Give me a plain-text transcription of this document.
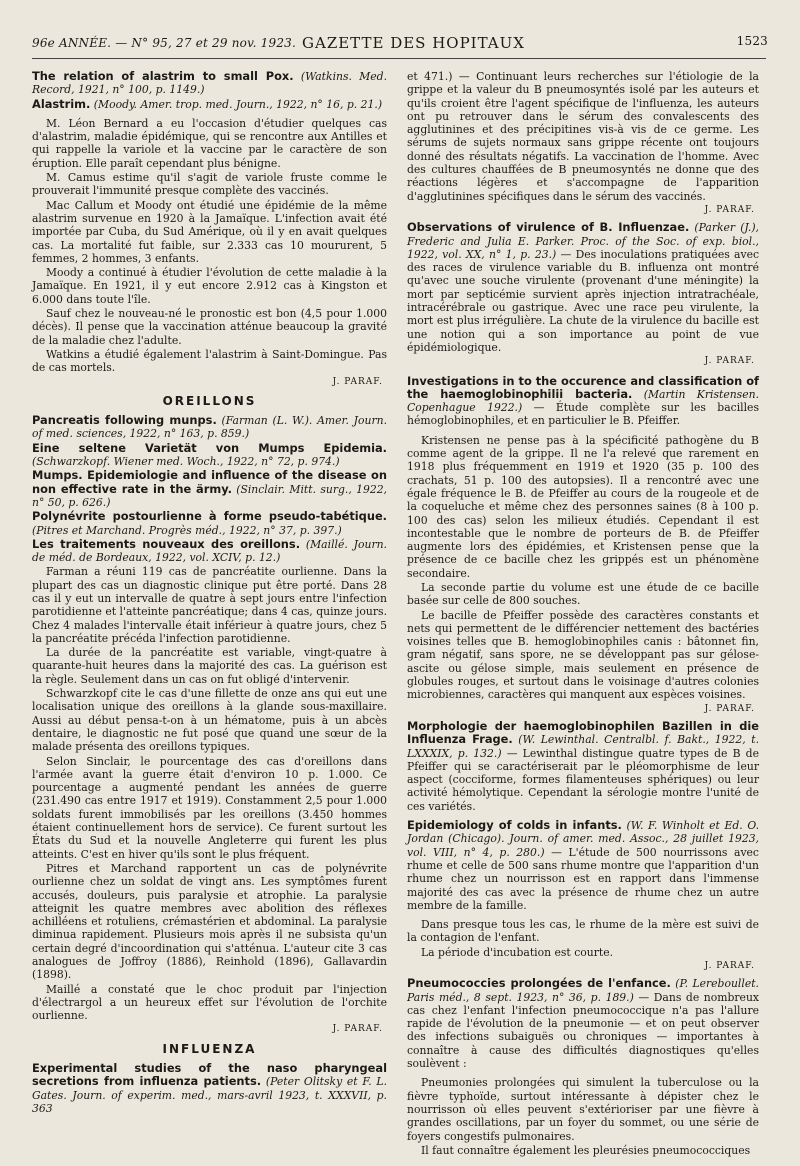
96e ANNÉE. — N° 95, 27 et 29 nov. 1923. GAZETTE DES HOPITAUX	1523

The relation of alastrim to small Pox. (Watkins. Med. Record, 1921, n° 100, p. 1149.)

Alastrim. (Moody. Amer. trop. med. Journ., 1922, n° 16, p. 21.)

M. Léon Bernard a eu l'occasion d'étudier quelques cas d'alastrim, maladie épidémique, qui se rencontre aux Antilles et qui rappelle la variole et la vaccine par le caractère de son éruption. Elle paraît cependant plus bénigne.

M. Camus estime qu'il s'agit de variole fruste comme le prouverait l'immunité presque complète des vaccinés.

Mac Callum et Moody ont étudié une épidémie de la même alastrim survenue en 1920 à la Jamaïque. L'infection avait été importée par Cuba, du Sud Amérique, où il y en avait quelques cas. La mortalité fut faible, sur 2.333 cas 10 moururent, 5 femmes, 2 hommes, 3 enfants.

Moody a continué à étudier l'évolution de cette maladie à la Jamaïque. En 1921, il y eut encore 2.912 cas à Kingston et 6.000 dans toute l'île.

Sauf chez le nouveau-né le pronostic est bon (4,5 pour 1.000 décès). Il pense que la vaccination atténue beaucoup la gravité de la maladie chez l'adulte.

Watkins a étudié également l'alastrim à Saint-Domingue. Pas de cas mortels.

J. PARAF.
OREILLONS

Pancreatis following munps. (Farman (L. W.). Amer. Journ. of med. sciences, 1922, n° 163, p. 859.)

Eine seltene Varietät von Mumps Epidemia. (Schwarzkopf. Wiener med. Woch., 1922, n° 72, p. 974.)

Mumps. Epidemiologie and influence of the disease on non effective rate in the ärmy. (Sinclair. Mitt. surg., 1922, n° 50, p. 626.)

Polynévrite postourlienne à forme pseudo-tabétique. (Pitres et Marchand. Progrès méd., 1922, n° 37, p. 397.)

Les traitements nouveaux des oreillons. (Maillé. Journ. de méd. de Bordeaux, 1922, vol. XCIV, p. 12.)

Farman a réuni 119 cas de pancréatite ourlienne. Dans la plupart des cas un diagnostic clinique put être porté. Dans 28 cas il y eut un intervalle de quatre à sept jours entre l'infection parotidienne et l'atteinte pancréatique; dans 4 cas, quinze jours. Chez 4 malades l'intervalle était inférieur à quatre jours, chez 5 la pancréatite précéda l'infection parotidienne.

La durée de la pancréatite est variable, vingt-quatre à quarante-huit heures dans la majorité des cas. La guérison est la règle. Seulement dans un cas on fut obligé d'intervenir.

Schwarzkopf cite le cas d'une fillette de onze ans qui eut une localisation unique des oreillons à la glande sous-maxillaire. Aussi au début pensa-t-on à un hématome, puis à un abcès dentaire, le diagnostic ne fut posé que quand une sœur de la malade présenta des oreillons typiques.

Selon Sinclair, le pourcentage des cas d'oreillons dans l'armée avant la guerre était d'environ 10 p. 1.000. Ce pourcentage a augmenté pendant les années de guerre (231.490 cas entre 1917 et 1919). Constamment 2,5 pour 1.000 soldats furent immobilisés par les oreillons (3.450 hommes étaient continuellement hors de service). Ce furent surtout les États du Sud et la nouvelle Angleterre qui furent les plus atteints. C'est en hiver qu'ils sont le plus fréquent.

Pitres et Marchand rapportent un cas de polynévrite ourlienne chez un soldat de vingt ans. Les symptômes furent accusés, douleurs, puis paralysie et atrophie. La paralysie atteignit les quatre membres avec abolition des réflexes achilléens et rotuliens, crémastérien et abdominal. La paralysie diminua rapidement. Plusieurs mois après il ne subsista qu'un certain degré d'incoordination qui s'atténua. L'auteur cite 3 cas analogues de Joffroy (1886), Reinhold (1896), Gallavardin (1898).

Maillé a constaté que le choc produit par l'injection d'électrargol a un heureux effet sur l'évolution de l'orchite ourlienne.

J. PARAF.
INFLUENZA

Experimental studies of the naso pharyngeal secretions from influenza patients. (Peter Olitsky et F. L. Gates. Journ. of experim. med., mars-avril 1923, t. XXXVII, p. 363

et 471.) — Continuant leurs recherches sur l'étiologie de la grippe et la valeur du B pneumosyntés isolé par les auteurs et qu'ils croient être l'agent spécifique de l'influenza, les auteurs ont pu retrouver dans le sérum des convalescents des agglutinines et des précipitines vis-à vis de ce germe. Les sérums de sujets normaux sans grippe récente ont toujours donné des résultats négatifs. La vaccination de l'homme. Avec des cultures chauffées de B pneumosyntés ne donne que des réactions légères et s'accompagne de l'apparition d'agglutinines spécifiques dans le sérum des vaccinés.

J. PARAF.

Observations of virulence of B. Influenzae. (Parker (J.), Frederic and Julia E. Parker. Proc. of the Soc. of exp. biol., 1922, vol. XX, n° 1, p. 23.) — Des inoculations pratiquées avec des races de virulence variable du B. influenza ont montré qu'avec une souche virulente (provenant d'une méningite) la mort par septicémie survient après injection intratrachéale, intracérébrale ou gastrique. Avec une race peu virulente, la mort est plus irrégulière. La chute de la virulence du bacille est une notion qui a son importance au point de vue épidémiologique.

J. PARAF.

Investigations in to the occurence and classification of the haemoglobinophilii bacteria. (Martin Kristensen. Copenhague 1922.) — Étude complète sur les bacilles hémoglobinophiles, et en particulier le B. Pfeiffer.

Kristensen ne pense pas à la spécificité pathogène du B comme agent de la grippe. Il ne l'a relevé que rarement en 1918 plus fréquemment en 1919 et 1920 (35 p. 100 des crachats, 51 p. 100 des autopsies). Il a rencontré avec une égale fréquence le B. de Pfeiffer au cours de la rougeole et de la coqueluche et même chez des personnes saines (8 à 100 p. 100 des cas) selon les milieux étudiés. Cependant il est incontestable que le nombre de porteurs de B. de Pfeiffer augmente lors des épidémies, et Kristensen pense que la présence de ce bacille chez les grippés est un phénomène secondaire.

La seconde partie du volume est une étude de ce bacille basée sur celle de 800 souches.

Le bacille de Pfeiffer possède des caractères constants et nets qui permettent de le différencier nettement des bactéries voisines telles que B. hemoglobinophiles canis : bâtonnet fin, gram négatif, sans spore, ne se développant pas sur gélose-ascite ou gélose simple, mais seulement en présence de globules rouges, et surtout dans le voisinage d'autres colonies microbiennes, caractères qui manquent aux espèces voisines.

J. PARAF.

Morphologie der haemoglobinophilen Bazillen in die Influenza Frage. (W. Lewinthal. Centralbl. f. Bakt., 1922, t. LXXXIX, p. 132.) — Lewinthal distingue quatre types de B de Pfeiffer qui se caractériserait par le pléomorphisme de leur aspect (cocciforme, formes filamenteuses sphériques) ou leur activité hémolytique. Cependant la sérologie montre l'unité de ces variétés.

Epidemiology of colds in infants. (W. F. Winholt et Ed. O. Jordan (Chicago). Journ. of amer. med. Assoc., 28 juillet 1923, vol. VIII, n° 4, p. 280.) — L'étude de 500 nourrissons avec rhume et celle de 500 sans rhume montre que l'apparition d'un rhume chez un nourrisson est en rapport dans l'immense majorité des cas avec la présence de rhume chez un autre membre de la famille.

Dans presque tous les cas, le rhume de la mère est suivi de la contagion de l'enfant.

La période d'incubation est courte.

J. PARAF.

Pneumococcies prolongées de l'enfance. (P. Lereboullet. Paris méd., 8 sept. 1923, n° 36, p. 189.) — Dans de nombreux cas chez l'enfant l'infection pneumococcique n'a pas l'allure rapide de l'évolution de la pneumonie — et on peut observer des infections subaiguës ou chroniques — importantes à connaître à cause des difficultés diagnostiques qu'elles soulèvent :

Pneumonies prolongées qui simulent la tuberculose ou la fièvre typhoïde, surtout intéressante à dépister chez le nourrisson où elles peuvent s'extérioriser par une fièvre à grandes oscillations, par un foyer du sommet, ou une série de foyers congestifs pulmonaires.

Il faut connaître également les pleurésies pneumococciques
